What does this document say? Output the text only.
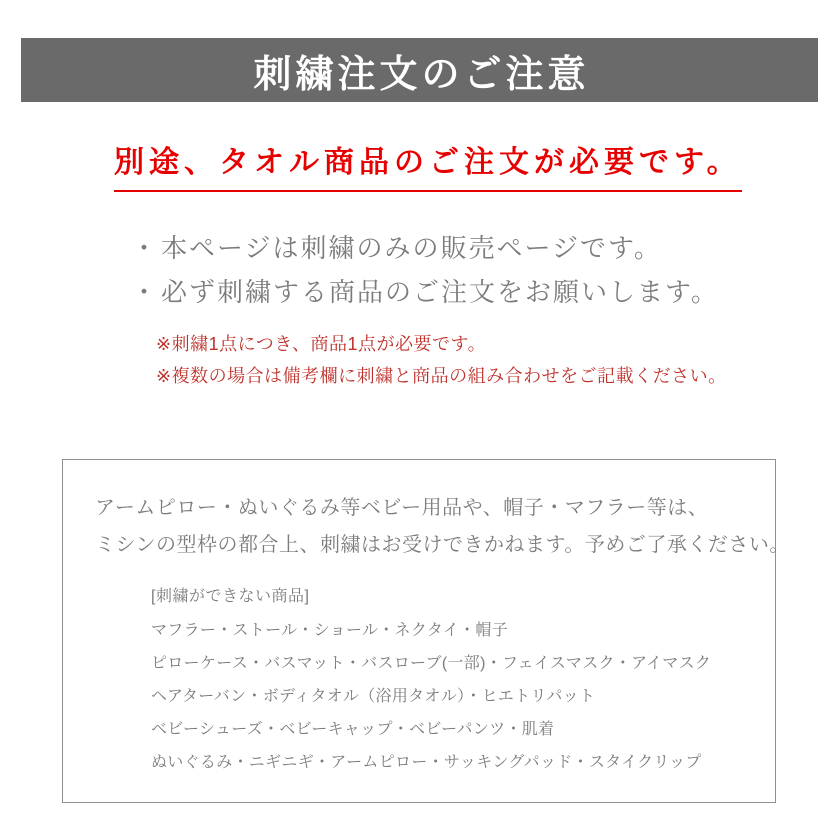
刺繍注文のご注意
別途、タオル商品のご注文が必要です。
・ 本ページは刺繍のみの販売ページです。
・ 必ず刺繍する商品のご注文をお願いします。
※刺繍1点につき、商品1点が必要です。
※複数の場合は備考欄に刺繍と商品の組み合わせをご記載ください。
アームピロー・ぬいぐるみ等ベビー用品や、帽子・マフラー等は、
ミシンの型枠の都合上、刺繍はお受けできかねます。予めご了承ください。
[刺繍ができない商品]
マフラー・ストール・ショール・ネクタイ・帽子
ピローケース・バスマット・バスローブ(一部)・フェイスマスク・アイマスク
ヘアターバン・ボディタオル（浴用タオル）・ヒエトリパット
ベビーシューズ・ベビーキャップ・ベビーパンツ・肌着
ぬいぐるみ・ニギニギ・アームピロー・サッキングパッド・スタイクリップ
